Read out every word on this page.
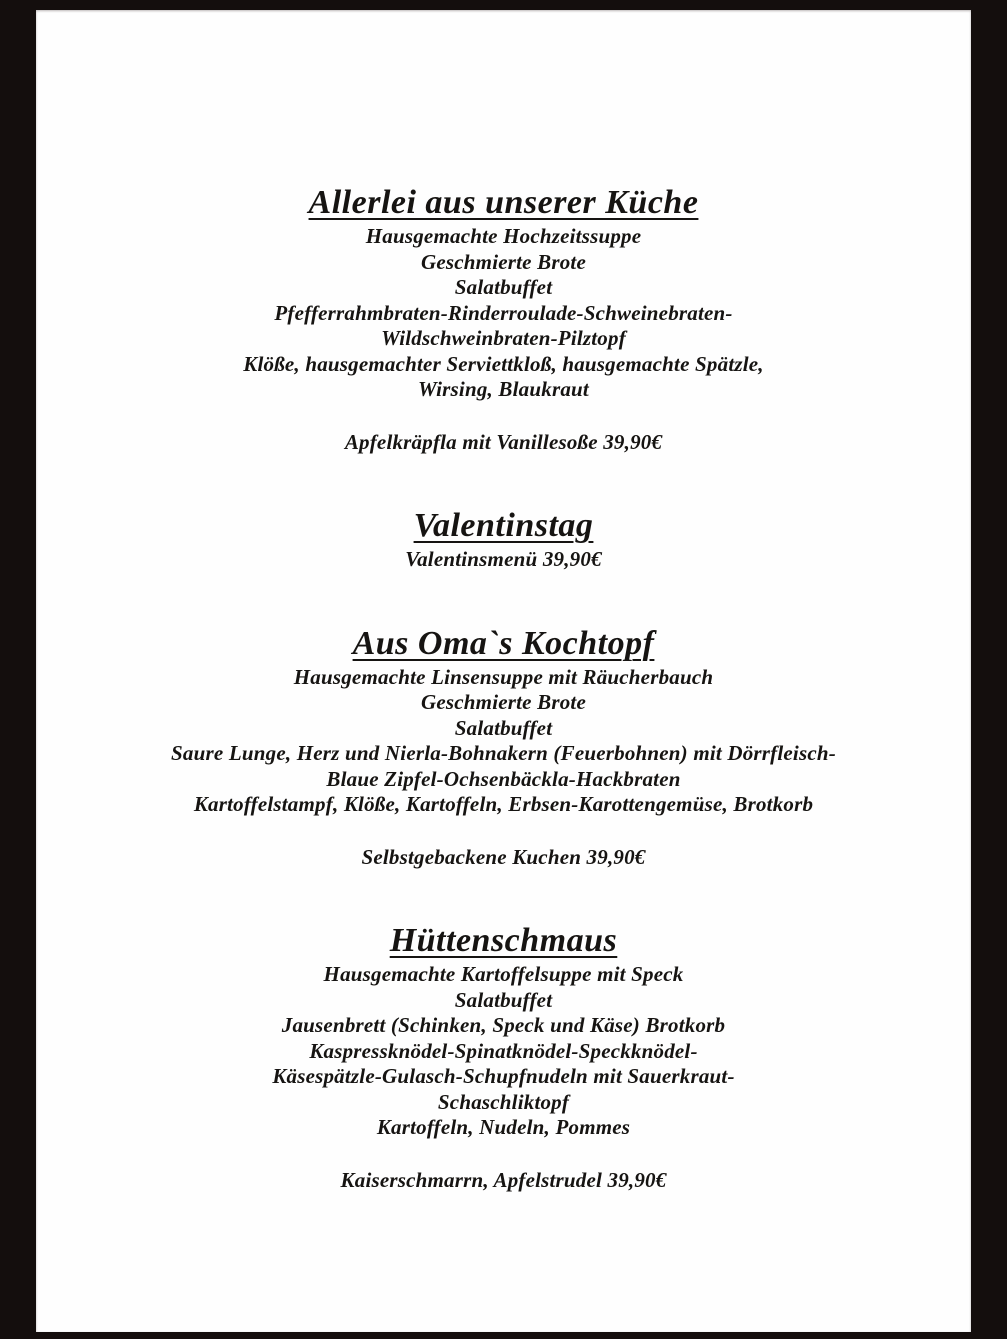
Allerlei aus unserer Küche

Hausgemachte Hochzeitssuppe

Geschmierte Brote

Salatbuffet

Pfefferrahmbraten-Rinderroulade-Schweinebraten-

Wildschweinbraten-Pilztopf

Klöße, hausgemachter Serviettkloß, hausgemachte Spätzle,

Wirsing, Blaukraut

Apfelkräpfla mit Vanillesoße 39,90€

Valentinstag

Valentinsmenü 39,90€

Aus Oma`s Kochtopf

Hausgemachte Linsensuppe mit Räucherbauch

Geschmierte Brote

Salatbuffet

Saure Lunge, Herz und Nierla-Bohnakern (Feuerbohnen) mit Dörrfleisch-

Blaue Zipfel-Ochsenbäckla-Hackbraten

Kartoffelstampf, Klöße, Kartoffeln, Erbsen-Karottengemüse, Brotkorb

Selbstgebackene Kuchen 39,90€

Hüttenschmaus

Hausgemachte Kartoffelsuppe mit Speck

Salatbuffet

Jausenbrett (Schinken, Speck und Käse) Brotkorb

Kaspressknödel-Spinatknödel-Speckknödel-

Käsespätzle-Gulasch-Schupfnudeln mit Sauerkraut-

Schaschliktopf

Kartoffeln, Nudeln, Pommes

Kaiserschmarrn, Apfelstrudel 39,90€
